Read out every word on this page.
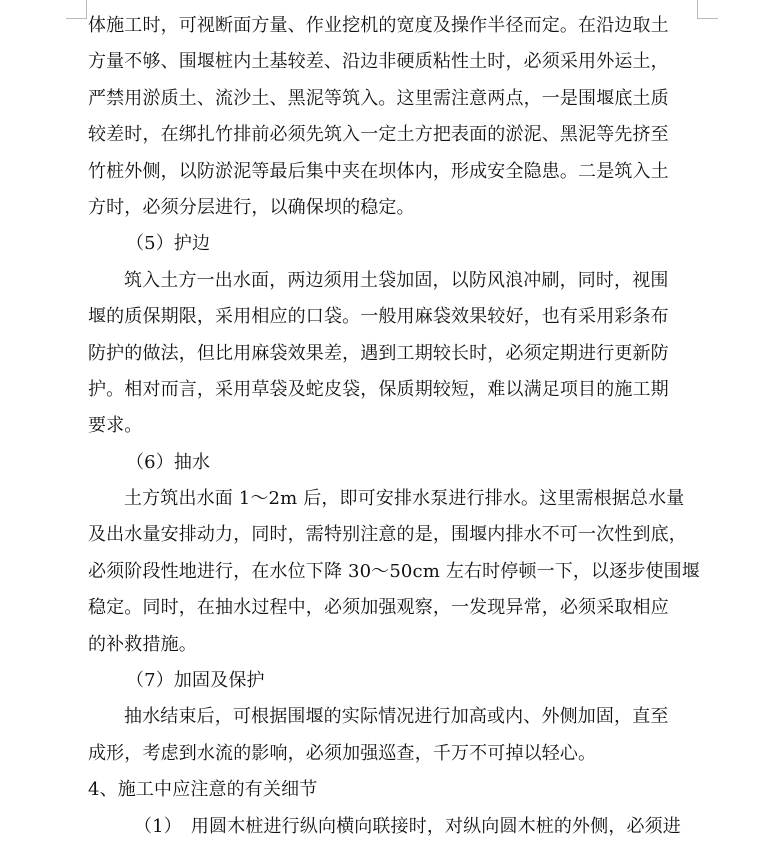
体施工时，可视断面方量、作业挖机的宽度及操作半径而定。在沿边取土
方量不够、围堰桩内土基较差、沿边非硬质粘性土时，必须采用外运土，
严禁用淤质土、流沙土、黑泥等筑入。这里需注意两点，一是围堰底土质
较差时，在绑扎竹排前必须先筑入一定土方把表面的淤泥、黑泥等先挤至
竹桩外侧，以防淤泥等最后集中夹在坝体内，形成安全隐患。二是筑入土
方时，必须分层进行，以确保坝的稳定。
（5）护边
筑入土方一出水面，两边须用土袋加固，以防风浪冲刷，同时，视围
堰的质保期限，采用相应的口袋。一般用麻袋效果较好，也有采用彩条布
防护的做法，但比用麻袋效果差，遇到工期较长时，必须定期进行更新防
护。相对而言，采用草袋及蛇皮袋，保质期较短，难以满足项目的施工期
要求。
（6）抽水
土方筑出水面 1～2m 后，即可安排水泵进行排水。这里需根据总水量
及出水量安排动力，同时，需特别注意的是，围堰内排水不可一次性到底，
必须阶段性地进行，在水位下降 30～50cm 左右时停顿一下，以逐步使围堰
稳定。同时，在抽水过程中，必须加强观察，一发现异常，必须采取相应
的补救措施。
（7）加固及保护
抽水结束后，可根据围堰的实际情况进行加高或内、外侧加固，直至
成形，考虑到水流的影响，必须加强巡查，千万不可掉以轻心。
4、施工中应注意的有关细节
（1） 用圆木桩进行纵向横向联接时，对纵向圆木桩的外侧，必须进
